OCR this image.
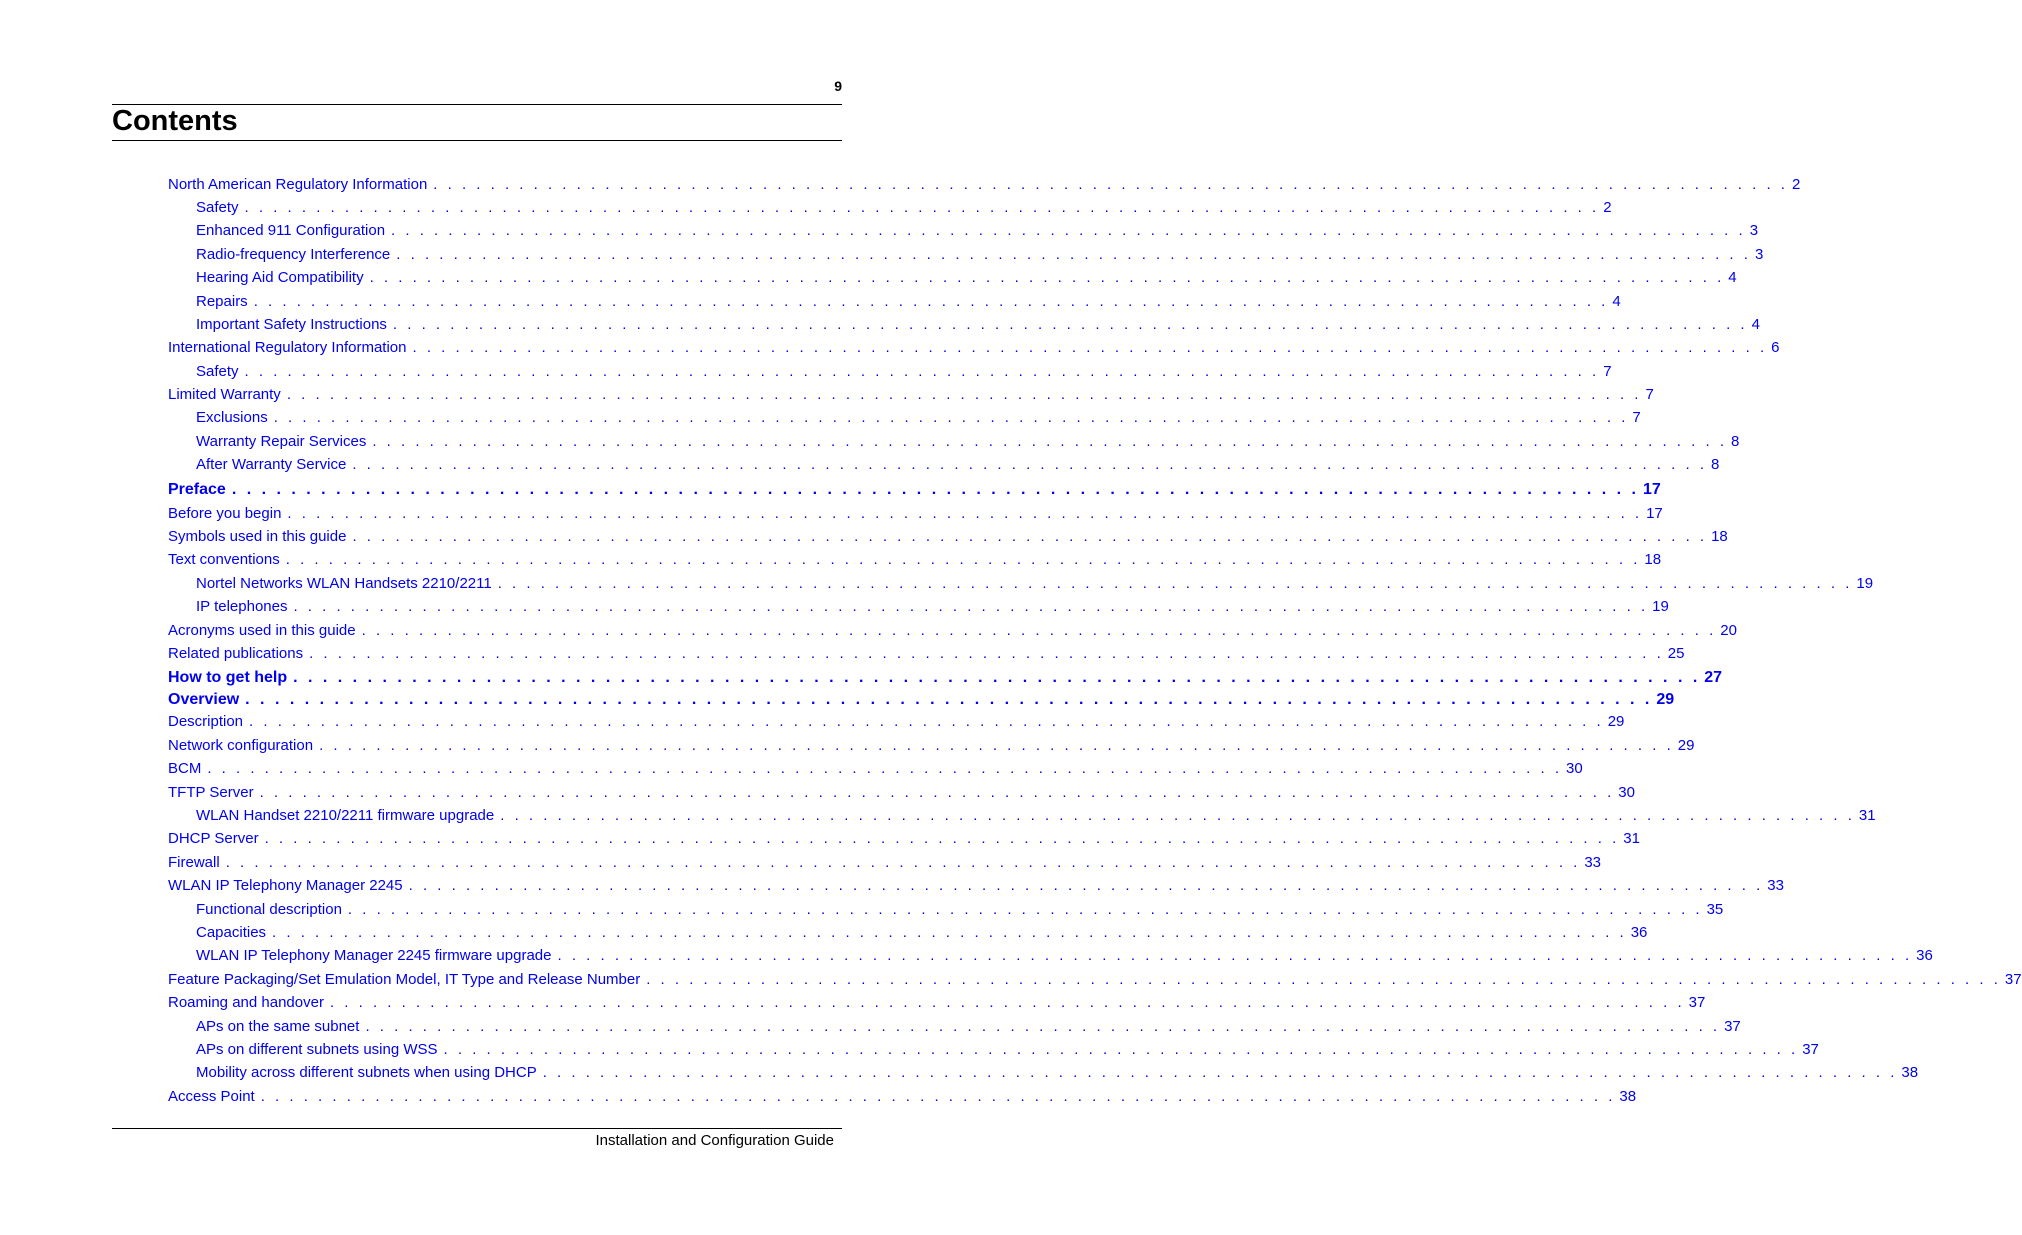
9
Contents
North American Regulatory Information . . . . . . . . . . . . . . . . . . . . . . . . . . . . . . . . . . . . . . . . . . . . . . . . . . . . . . . . . . . . . . . . . . . . . . . . . . . . . . . . . . . . . . . . . . . . . . . 2
Safety . . . . . . . . . . . . . . . . . . . . . . . . . . . . . . . . . . . . . . . . . . . . . . . . . . . . . . . . . . . . . . . . . . . . . . . . . . . . . . . . . . . . . . . . . . . . . . . 2
Enhanced 911 Configuration . . . . . . . . . . . . . . . . . . . . . . . . . . . . . . . . . . . . . . . . . . . . . . . . . . . . . . . . . . . . . . . . . . . . . . . . . . . . . . . . . . . . . . . . . . . . . . . 3
Radio-frequency Interference . . . . . . . . . . . . . . . . . . . . . . . . . . . . . . . . . . . . . . . . . . . . . . . . . . . . . . . . . . . . . . . . . . . . . . . . . . . . . . . . . . . . . . . . . . . . . . . 3
Hearing Aid Compatibility . . . . . . . . . . . . . . . . . . . . . . . . . . . . . . . . . . . . . . . . . . . . . . . . . . . . . . . . . . . . . . . . . . . . . . . . . . . . . . . . . . . . . . . . . . . . . . . 4
Repairs . . . . . . . . . . . . . . . . . . . . . . . . . . . . . . . . . . . . . . . . . . . . . . . . . . . . . . . . . . . . . . . . . . . . . . . . . . . . . . . . . . . . . . . . . . . . . . . 4
Important Safety Instructions . . . . . . . . . . . . . . . . . . . . . . . . . . . . . . . . . . . . . . . . . . . . . . . . . . . . . . . . . . . . . . . . . . . . . . . . . . . . . . . . . . . . . . . . . . . . . . . 4
International Regulatory Information . . . . . . . . . . . . . . . . . . . . . . . . . . . . . . . . . . . . . . . . . . . . . . . . . . . . . . . . . . . . . . . . . . . . . . . . . . . . . . . . . . . . . . . . . . . . . . . 6
Safety . . . . . . . . . . . . . . . . . . . . . . . . . . . . . . . . . . . . . . . . . . . . . . . . . . . . . . . . . . . . . . . . . . . . . . . . . . . . . . . . . . . . . . . . . . . . . . . 7
Limited Warranty . . . . . . . . . . . . . . . . . . . . . . . . . . . . . . . . . . . . . . . . . . . . . . . . . . . . . . . . . . . . . . . . . . . . . . . . . . . . . . . . . . . . . . . . . . . . . . . 7
Exclusions . . . . . . . . . . . . . . . . . . . . . . . . . . . . . . . . . . . . . . . . . . . . . . . . . . . . . . . . . . . . . . . . . . . . . . . . . . . . . . . . . . . . . . . . . . . . . . . 7
Warranty Repair Services . . . . . . . . . . . . . . . . . . . . . . . . . . . . . . . . . . . . . . . . . . . . . . . . . . . . . . . . . . . . . . . . . . . . . . . . . . . . . . . . . . . . . . . . . . . . . . . 8
After Warranty Service . . . . . . . . . . . . . . . . . . . . . . . . . . . . . . . . . . . . . . . . . . . . . . . . . . . . . . . . . . . . . . . . . . . . . . . . . . . . . . . . . . . . . . . . . . . . . . . 8
Preface . . . . . . . . . . . . . . . . . . . . . . . . . . . . . . . . . . . . . . . . . . . . . . . . . . . . . . . . . . . . . . . . . . . . . . . . . . . . . . . . . . . . . . . . . . . . . . . 17
Before you begin . . . . . . . . . . . . . . . . . . . . . . . . . . . . . . . . . . . . . . . . . . . . . . . . . . . . . . . . . . . . . . . . . . . . . . . . . . . . . . . . . . . . . . . . . . . . . . . 17
Symbols used in this guide . . . . . . . . . . . . . . . . . . . . . . . . . . . . . . . . . . . . . . . . . . . . . . . . . . . . . . . . . . . . . . . . . . . . . . . . . . . . . . . . . . . . . . . . . . . . . . . 18
Text conventions . . . . . . . . . . . . . . . . . . . . . . . . . . . . . . . . . . . . . . . . . . . . . . . . . . . . . . . . . . . . . . . . . . . . . . . . . . . . . . . . . . . . . . . . . . . . . . . 18
Nortel Networks WLAN Handsets 2210/2211 . . . . . . . . . . . . . . . . . . . . . . . . . . . . . . . . . . . . . . . . . . . . . . . . . . . . . . . . . . . . . . . . . . . . . . . . . . . . . . . . . . . . . . . . . . . . . . . 19
IP telephones . . . . . . . . . . . . . . . . . . . . . . . . . . . . . . . . . . . . . . . . . . . . . . . . . . . . . . . . . . . . . . . . . . . . . . . . . . . . . . . . . . . . . . . . . . . . . . . 19
Acronyms used in this guide . . . . . . . . . . . . . . . . . . . . . . . . . . . . . . . . . . . . . . . . . . . . . . . . . . . . . . . . . . . . . . . . . . . . . . . . . . . . . . . . . . . . . . . . . . . . . . . 20
Related publications . . . . . . . . . . . . . . . . . . . . . . . . . . . . . . . . . . . . . . . . . . . . . . . . . . . . . . . . . . . . . . . . . . . . . . . . . . . . . . . . . . . . . . . . . . . . . . . 25
How to get help . . . . . . . . . . . . . . . . . . . . . . . . . . . . . . . . . . . . . . . . . . . . . . . . . . . . . . . . . . . . . . . . . . . . . . . . . . . . . . . . . . . . . . . . . . . . . . . 27
Overview . . . . . . . . . . . . . . . . . . . . . . . . . . . . . . . . . . . . . . . . . . . . . . . . . . . . . . . . . . . . . . . . . . . . . . . . . . . . . . . . . . . . . . . . . . . . . . . 29
Description . . . . . . . . . . . . . . . . . . . . . . . . . . . . . . . . . . . . . . . . . . . . . . . . . . . . . . . . . . . . . . . . . . . . . . . . . . . . . . . . . . . . . . . . . . . . . . . 29
Network configuration . . . . . . . . . . . . . . . . . . . . . . . . . . . . . . . . . . . . . . . . . . . . . . . . . . . . . . . . . . . . . . . . . . . . . . . . . . . . . . . . . . . . . . . . . . . . . . . 29
BCM . . . . . . . . . . . . . . . . . . . . . . . . . . . . . . . . . . . . . . . . . . . . . . . . . . . . . . . . . . . . . . . . . . . . . . . . . . . . . . . . . . . . . . . . . . . . . . . 30
TFTP Server . . . . . . . . . . . . . . . . . . . . . . . . . . . . . . . . . . . . . . . . . . . . . . . . . . . . . . . . . . . . . . . . . . . . . . . . . . . . . . . . . . . . . . . . . . . . . . . 30
WLAN Handset 2210/2211 firmware upgrade . . . . . . . . . . . . . . . . . . . . . . . . . . . . . . . . . . . . . . . . . . . . . . . . . . . . . . . . . . . . . . . . . . . . . . . . . . . . . . . . . . . . . . . . . . . . . . . 31
DHCP Server . . . . . . . . . . . . . . . . . . . . . . . . . . . . . . . . . . . . . . . . . . . . . . . . . . . . . . . . . . . . . . . . . . . . . . . . . . . . . . . . . . . . . . . . . . . . . . . 31
Firewall . . . . . . . . . . . . . . . . . . . . . . . . . . . . . . . . . . . . . . . . . . . . . . . . . . . . . . . . . . . . . . . . . . . . . . . . . . . . . . . . . . . . . . . . . . . . . . . 33
WLAN IP Telephony Manager 2245 . . . . . . . . . . . . . . . . . . . . . . . . . . . . . . . . . . . . . . . . . . . . . . . . . . . . . . . . . . . . . . . . . . . . . . . . . . . . . . . . . . . . . . . . . . . . . . . 33
Functional description . . . . . . . . . . . . . . . . . . . . . . . . . . . . . . . . . . . . . . . . . . . . . . . . . . . . . . . . . . . . . . . . . . . . . . . . . . . . . . . . . . . . . . . . . . . . . . . 35
Capacities . . . . . . . . . . . . . . . . . . . . . . . . . . . . . . . . . . . . . . . . . . . . . . . . . . . . . . . . . . . . . . . . . . . . . . . . . . . . . . . . . . . . . . . . . . . . . . . 36
WLAN IP Telephony Manager 2245 firmware upgrade . . . . . . . . . . . . . . . . . . . . . . . . . . . . . . . . . . . . . . . . . . . . . . . . . . . . . . . . . . . . . . . . . . . . . . . . . . . . . . . . . . . . . . . . . . . . . . . 36
Feature Packaging/Set Emulation Model, IT Type and Release Number . . . . . . . . . . . . . . . . . . . . . . . . . . . . . . . . . . . . . . . . . . . . . . . . . . . . . . . . . . . . . . . . . . . . . . . . . . . . . . . . . . . . . . . . . . . . . . . 37
Roaming and handover . . . . . . . . . . . . . . . . . . . . . . . . . . . . . . . . . . . . . . . . . . . . . . . . . . . . . . . . . . . . . . . . . . . . . . . . . . . . . . . . . . . . . . . . . . . . . . . 37
APs on the same subnet . . . . . . . . . . . . . . . . . . . . . . . . . . . . . . . . . . . . . . . . . . . . . . . . . . . . . . . . . . . . . . . . . . . . . . . . . . . . . . . . . . . . . . . . . . . . . . . 37
APs on different subnets using WSS . . . . . . . . . . . . . . . . . . . . . . . . . . . . . . . . . . . . . . . . . . . . . . . . . . . . . . . . . . . . . . . . . . . . . . . . . . . . . . . . . . . . . . . . . . . . . . . 37
Mobility across different subnets when using DHCP . . . . . . . . . . . . . . . . . . . . . . . . . . . . . . . . . . . . . . . . . . . . . . . . . . . . . . . . . . . . . . . . . . . . . . . . . . . . . . . . . . . . . . . . . . . . . . . 38
Access Point . . . . . . . . . . . . . . . . . . . . . . . . . . . . . . . . . . . . . . . . . . . . . . . . . . . . . . . . . . . . . . . . . . . . . . . . . . . . . . . . . . . . . . . . . . . . . . . 38
Installation and Configuration Guide
